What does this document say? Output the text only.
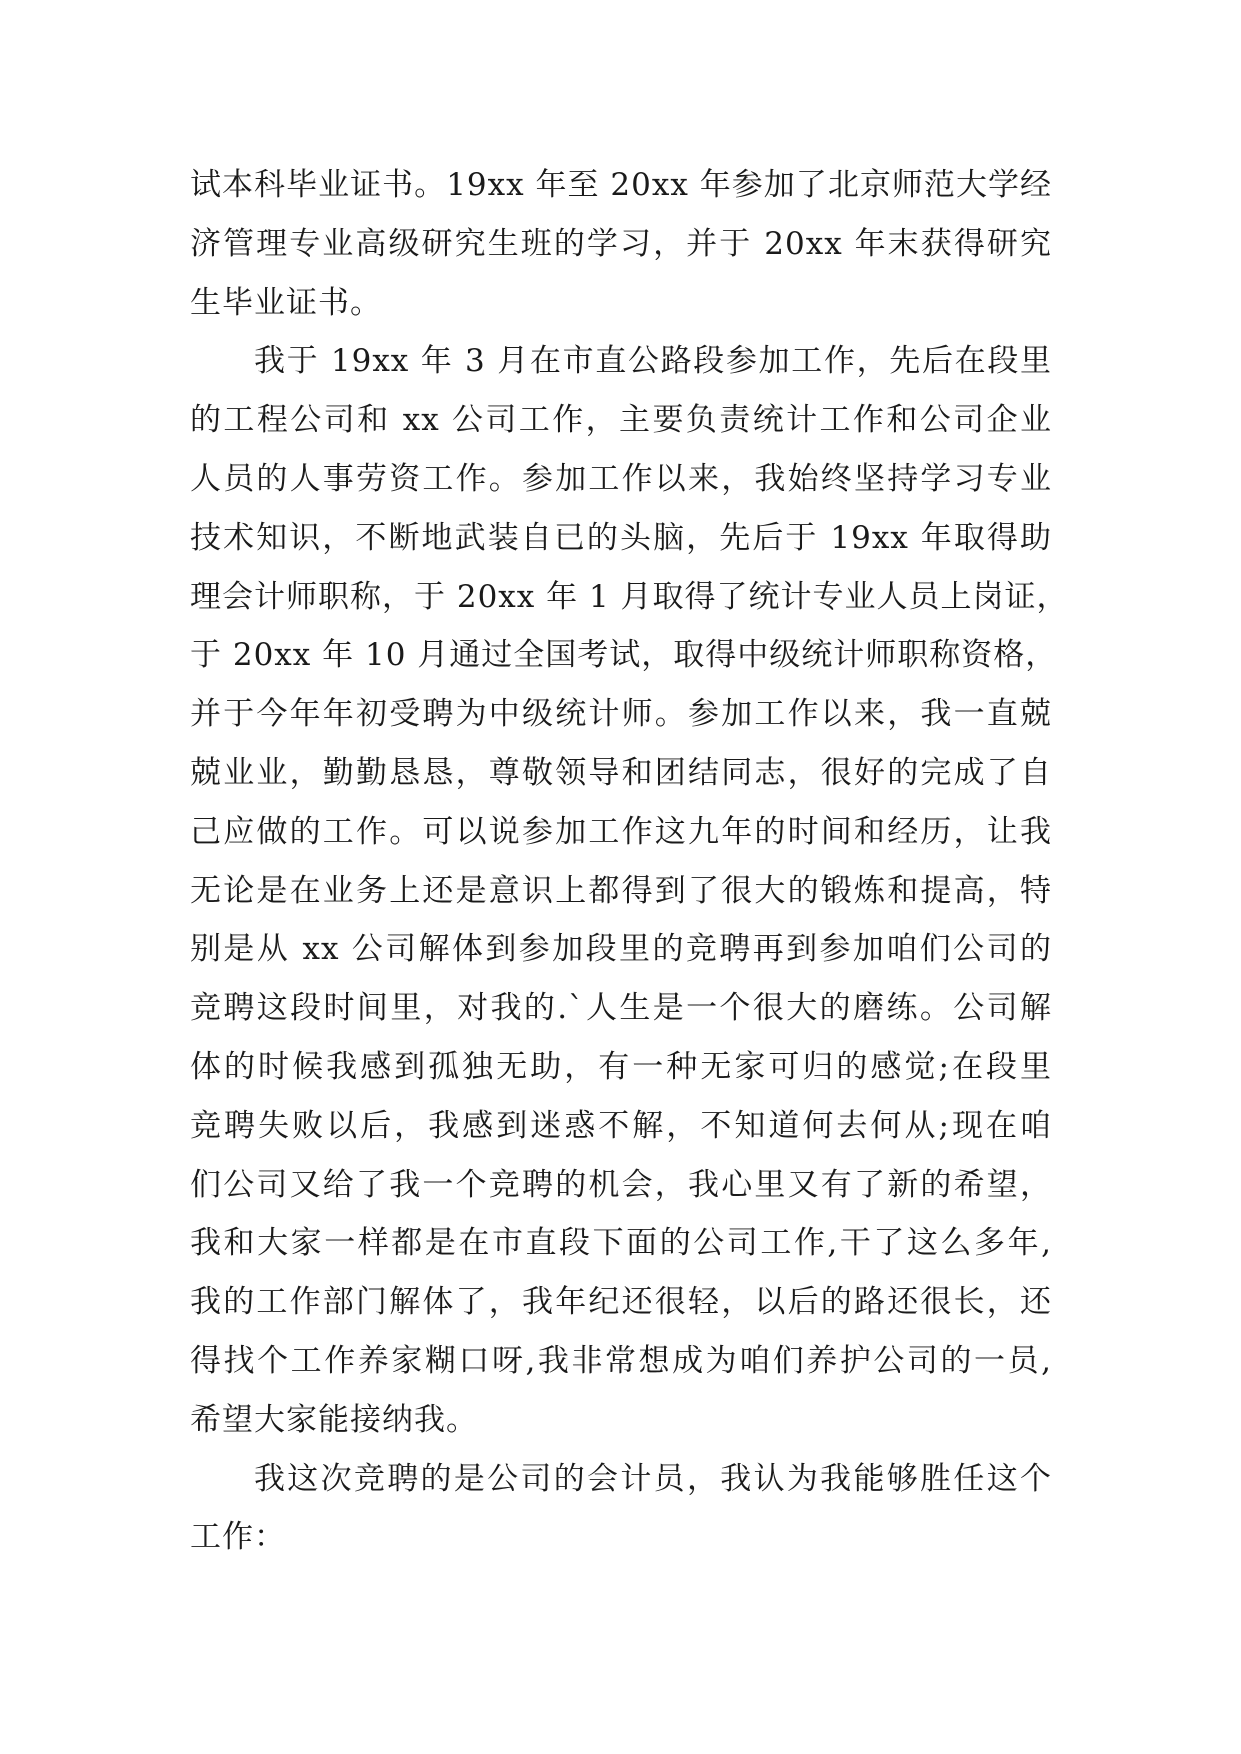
试本科毕业证书。19xx 年至 20xx 年参加了北京师范大学经
济管理专业高级研究生班的学习，并于 20xx 年末获得研究
生毕业证书。
我于 19xx 年 3 月在市直公路段参加工作，先后在段里
的工程公司和 xx 公司工作，主要负责统计工作和公司企业
人员的人事劳资工作。参加工作以来，我始终坚持学习专业
技术知识，不断地武装自已的头脑，先后于 19xx 年取得助
理会计师职称，于 20xx 年 1 月取得了统计专业人员上岗证，
于 20xx 年 10 月通过全国考试，取得中级统计师职称资格，
并于今年年初受聘为中级统计师。参加工作以来，我一直兢
兢业业，勤勤恳恳，尊敬领导和团结同志，很好的完成了自
己应做的工作。可以说参加工作这九年的时间和经历，让我
无论是在业务上还是意识上都得到了很大的锻炼和提高，特
别是从 xx 公司解体到参加段里的竞聘再到参加咱们公司的
竞聘这段时间里，对我的.`人生是一个很大的磨练。公司解
体的时候我感到孤独无助，有一种无家可归的感觉;在段里
竞聘失败以后，我感到迷惑不解，不知道何去何从;现在咱
们公司又给了我一个竞聘的机会，我心里又有了新的希望，
我和大家一样都是在市直段下面的公司工作,干了这么多年,
我的工作部门解体了，我年纪还很轻，以后的路还很长，还
得找个工作养家糊口呀,我非常想成为咱们养护公司的一员,
希望大家能接纳我。
我这次竞聘的是公司的会计员，我认为我能够胜任这个
工作：
